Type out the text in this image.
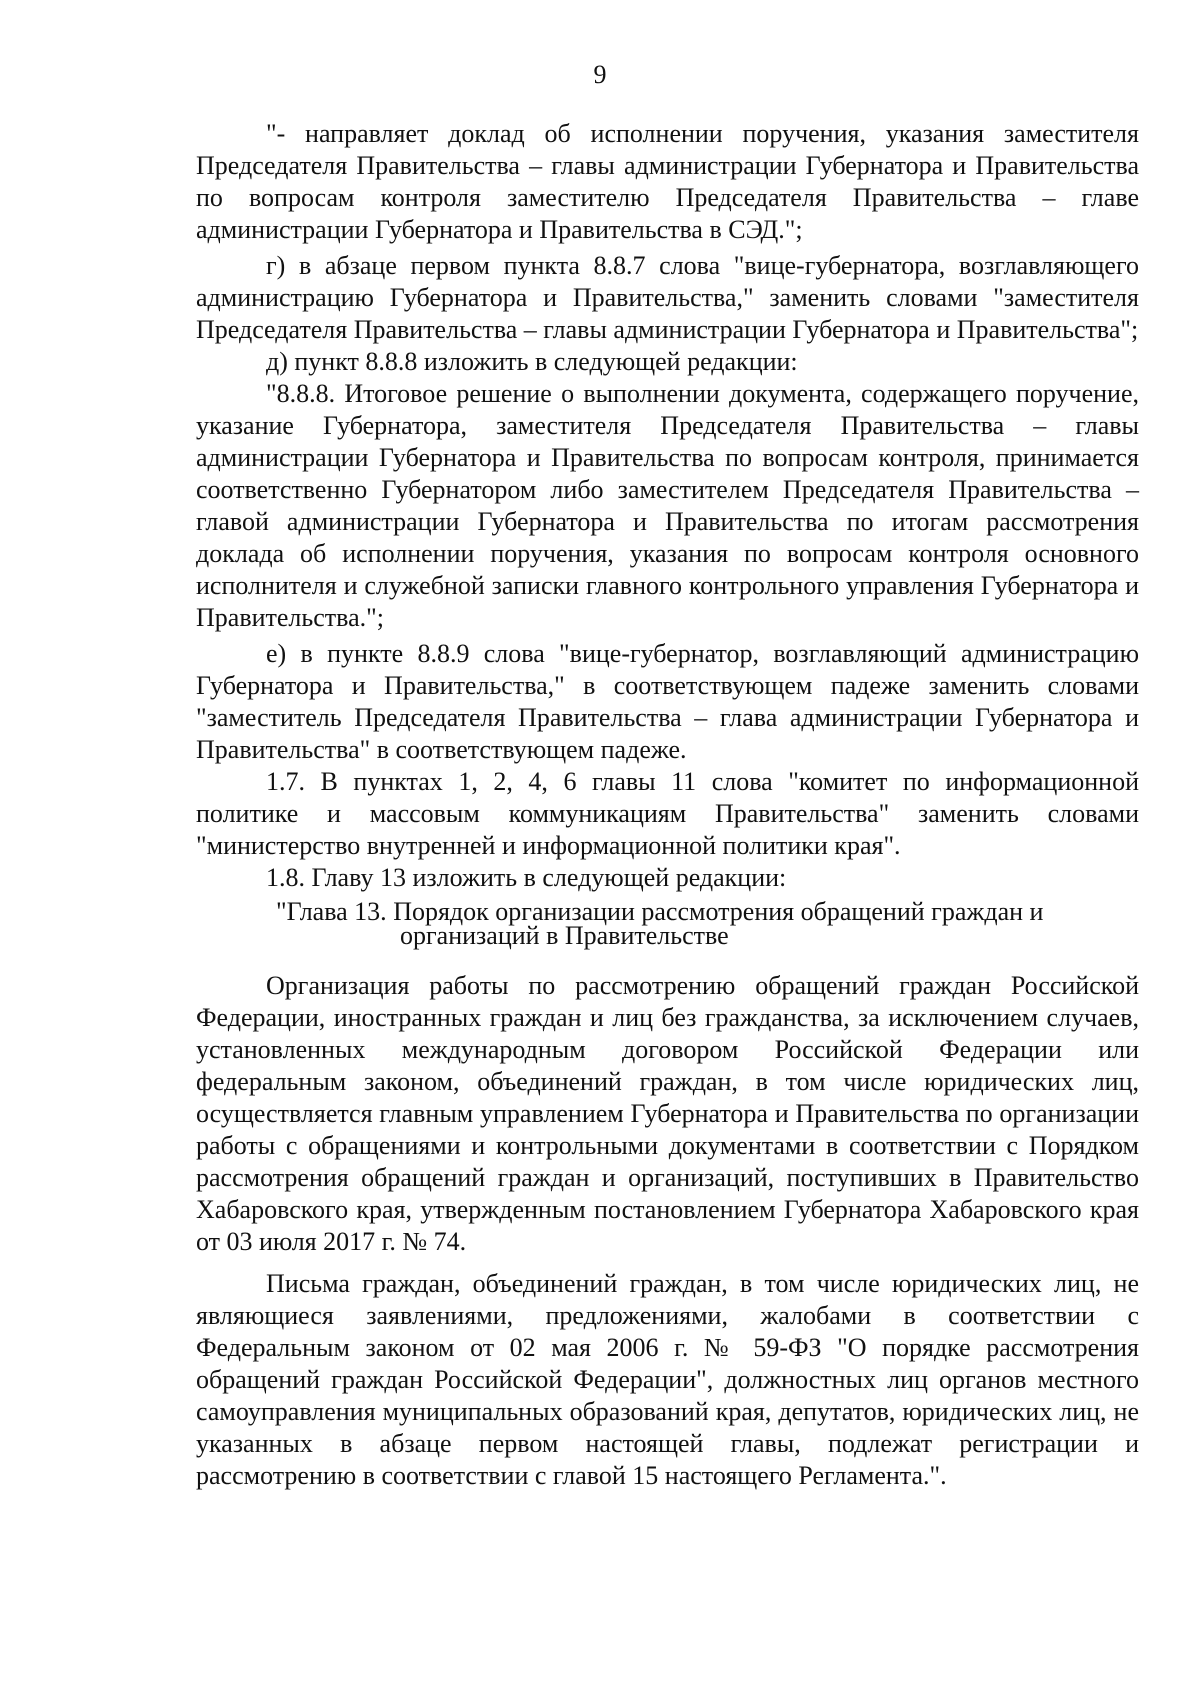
9

"- направляет доклад об исполнении поручения, указания заместителя Председателя Правительства – главы администрации Губернатора и Правительства по вопросам контроля заместителю Председателя Правительства – главе администрации Губернатора и Правительства в СЭД.";

г) в абзаце первом пункта 8.8.7 слова "вице-губернатора, возглавляющего администрацию Губернатора и Правительства," заменить словами "заместителя Председателя Правительства – главы администрации Губернатора и Правительства";

д) пункт 8.8.8 изложить в следующей редакции:

"8.8.8. Итоговое решение о выполнении документа, содержащего поручение, указание Губернатора, заместителя Председателя Правительства – главы администрации Губернатора и Правительства по вопросам контроля, принимается соответственно Губернатором либо заместителем Председателя Правительства – главой администрации Губернатора и Правительства по итогам рассмотрения доклада об исполнении поручения, указания по вопросам контроля основного исполнителя и служебной записки главного контрольного управления Губернатора и Правительства.";

е) в пункте 8.8.9 слова "вице-губернатор, возглавляющий администрацию Губернатора и Правительства," в соответствующем падеже заменить словами "заместитель Председателя Правительства – глава администрации Губернатора и Правительства" в соответствующем падеже.

1.7. В пунктах 1, 2, 4, 6 главы 11 слова "комитет по информационной политике и массовым коммуникациям Правительства" заменить словами "министерство внутренней и информационной политики края".

1.8. Главу 13 изложить в следующей редакции:

"Глава 13. Порядок организации рассмотрения обращений граждан и
организаций в Правительстве

Организация работы по рассмотрению обращений граждан Российской Федерации, иностранных граждан и лиц без гражданства, за исключением случаев, установленных международным договором Российской Федерации или федеральным законом, объединений граждан, в том числе юридических лиц, осуществляется главным управлением Губернатора и Правительства по организации работы с обращениями и контрольными документами в соответствии с Порядком рассмотрения обращений граждан и организаций, поступивших в Правительство Хабаровского края, утвержденным постановлением Губернатора Хабаровского края от 03 июля 2017 г. № 74.

Письма граждан, объединений граждан, в том числе юридических лиц, не являющиеся заявлениями, предложениями, жалобами в соответствии с Федеральным законом от 02 мая 2006 г. № 59-ФЗ "О порядке рассмотрения обращений граждан Российской Федерации", должностных лиц органов местного самоуправления муниципальных образований края, депутатов, юридических лиц, не указанных в абзаце первом настоящей главы, подлежат регистрации и рассмотрению в соответствии с главой 15 настоящего Регламента.".
